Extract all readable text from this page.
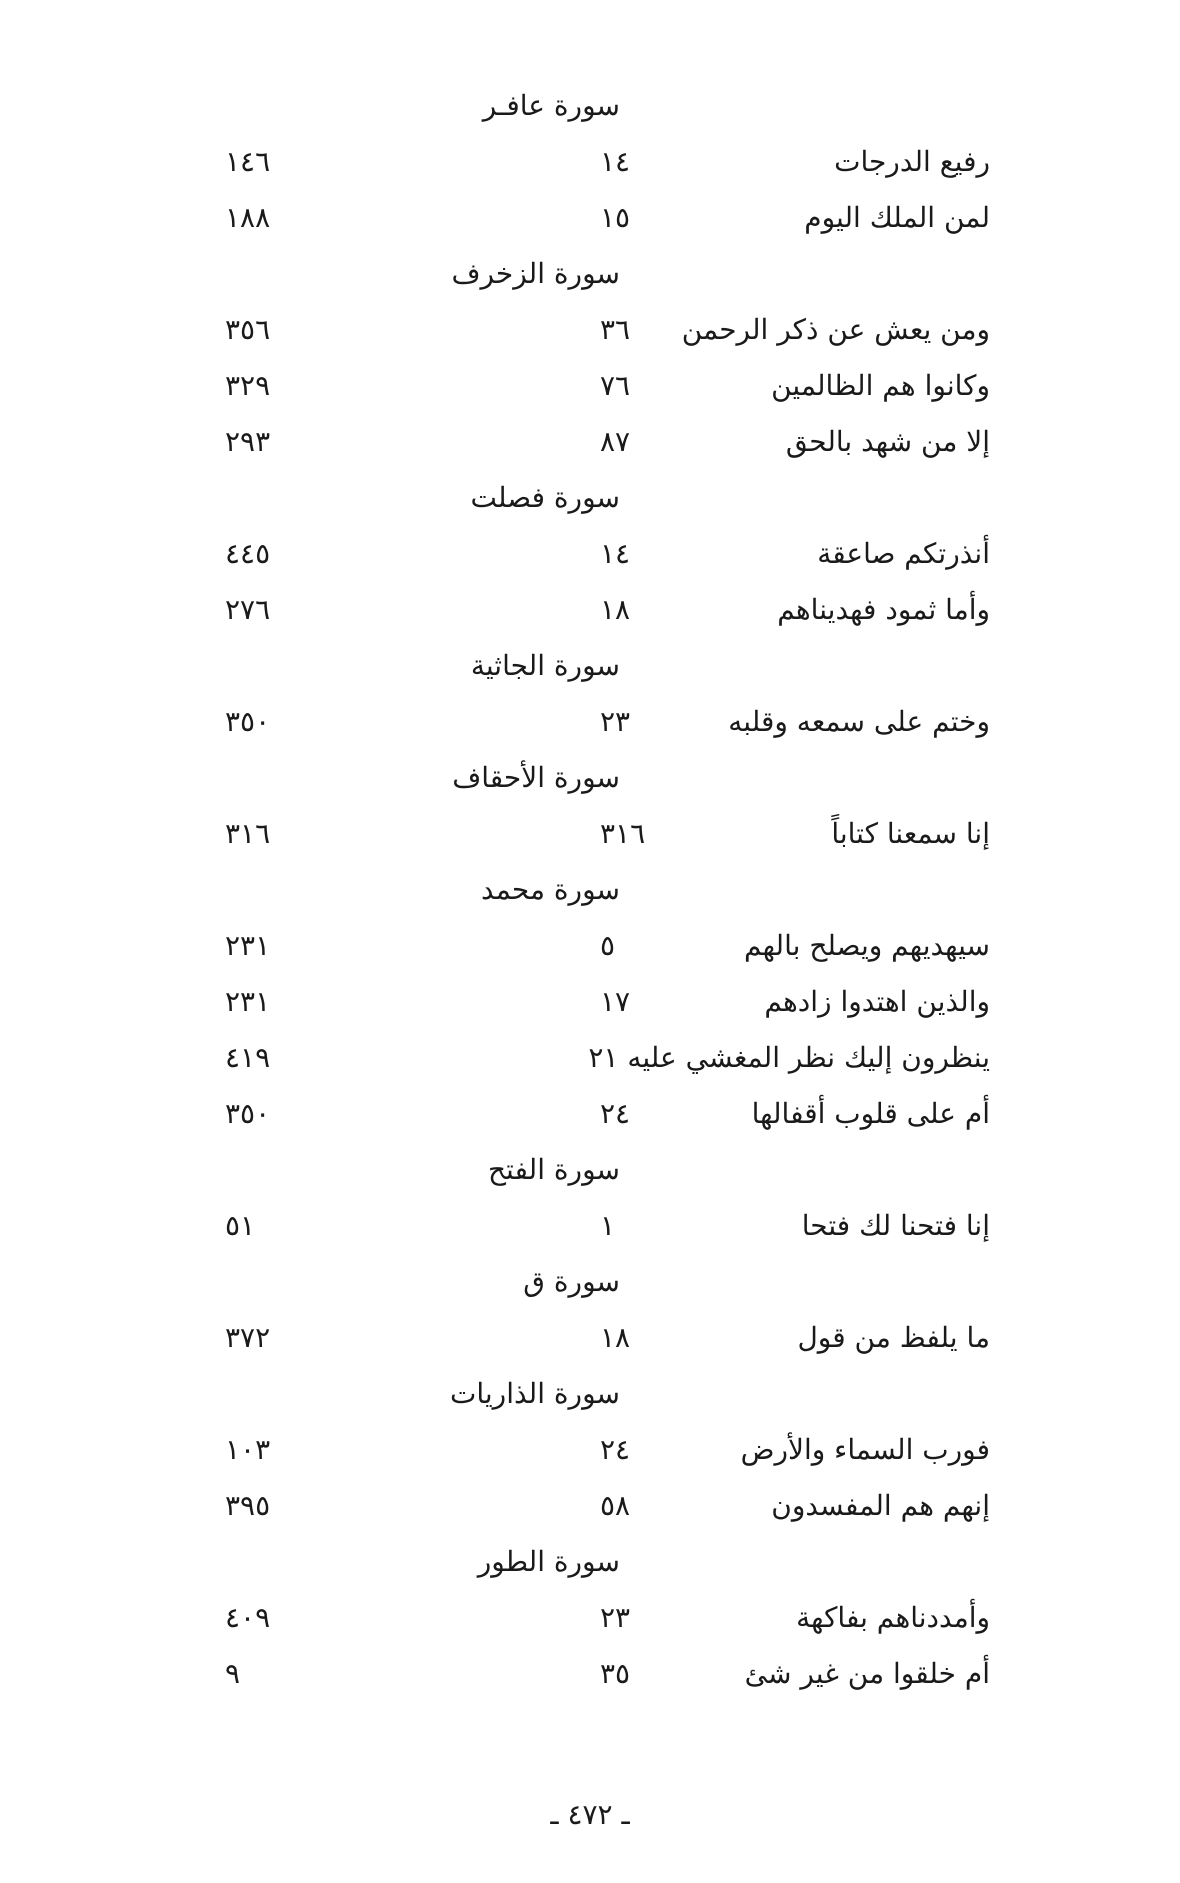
سورة عافـر
رفيع الدرجات
١٤
١٤٦
لمن الملك اليوم
١٥
١٨٨
سورة الزخرف
ومن يعش عن ذكر الرحمن
٣٦
٣٥٦
وكانوا هم الظالمين
٧٦
٣٢٩
إلا من شهد بالحق
٨٧
٢٩٣
سورة فصلت
أنذرتكم صاعقة
١٤
٤٤٥
وأما ثمود فهديناهم
١٨
٢٧٦
سورة الجاثية
وختم على سمعه وقلبه
٢٣
٣٥٠
سورة الأحقاف
إنا سمعنا كتاباً
٣١٦
٣١٦
سورة محمد
سيهديهم ويصلح بالهم
٥
٢٣١
والذين اهتدوا زادهم
١٧
٢٣١
ينظرون إليك نظر المغشي عليه ٢١
٤١٩
أم على قلوب أقفالها
٢٤
٣٥٠
سورة الفتح
إنا فتحنا لك فتحا
١
٥١
سورة ق
ما يلفظ من قول
١٨
٣٧٢
سورة الذاريات
فورب السماء والأرض
٢٤
١٠٣
إنهم هم المفسدون
٥٨
٣٩٥
سورة الطور
وأمددناهم بفاكهة
٢٣
٤٠٩
أم خلقوا من غير شئ
٣٥
٩
ـ ٤٧٢ ـ
